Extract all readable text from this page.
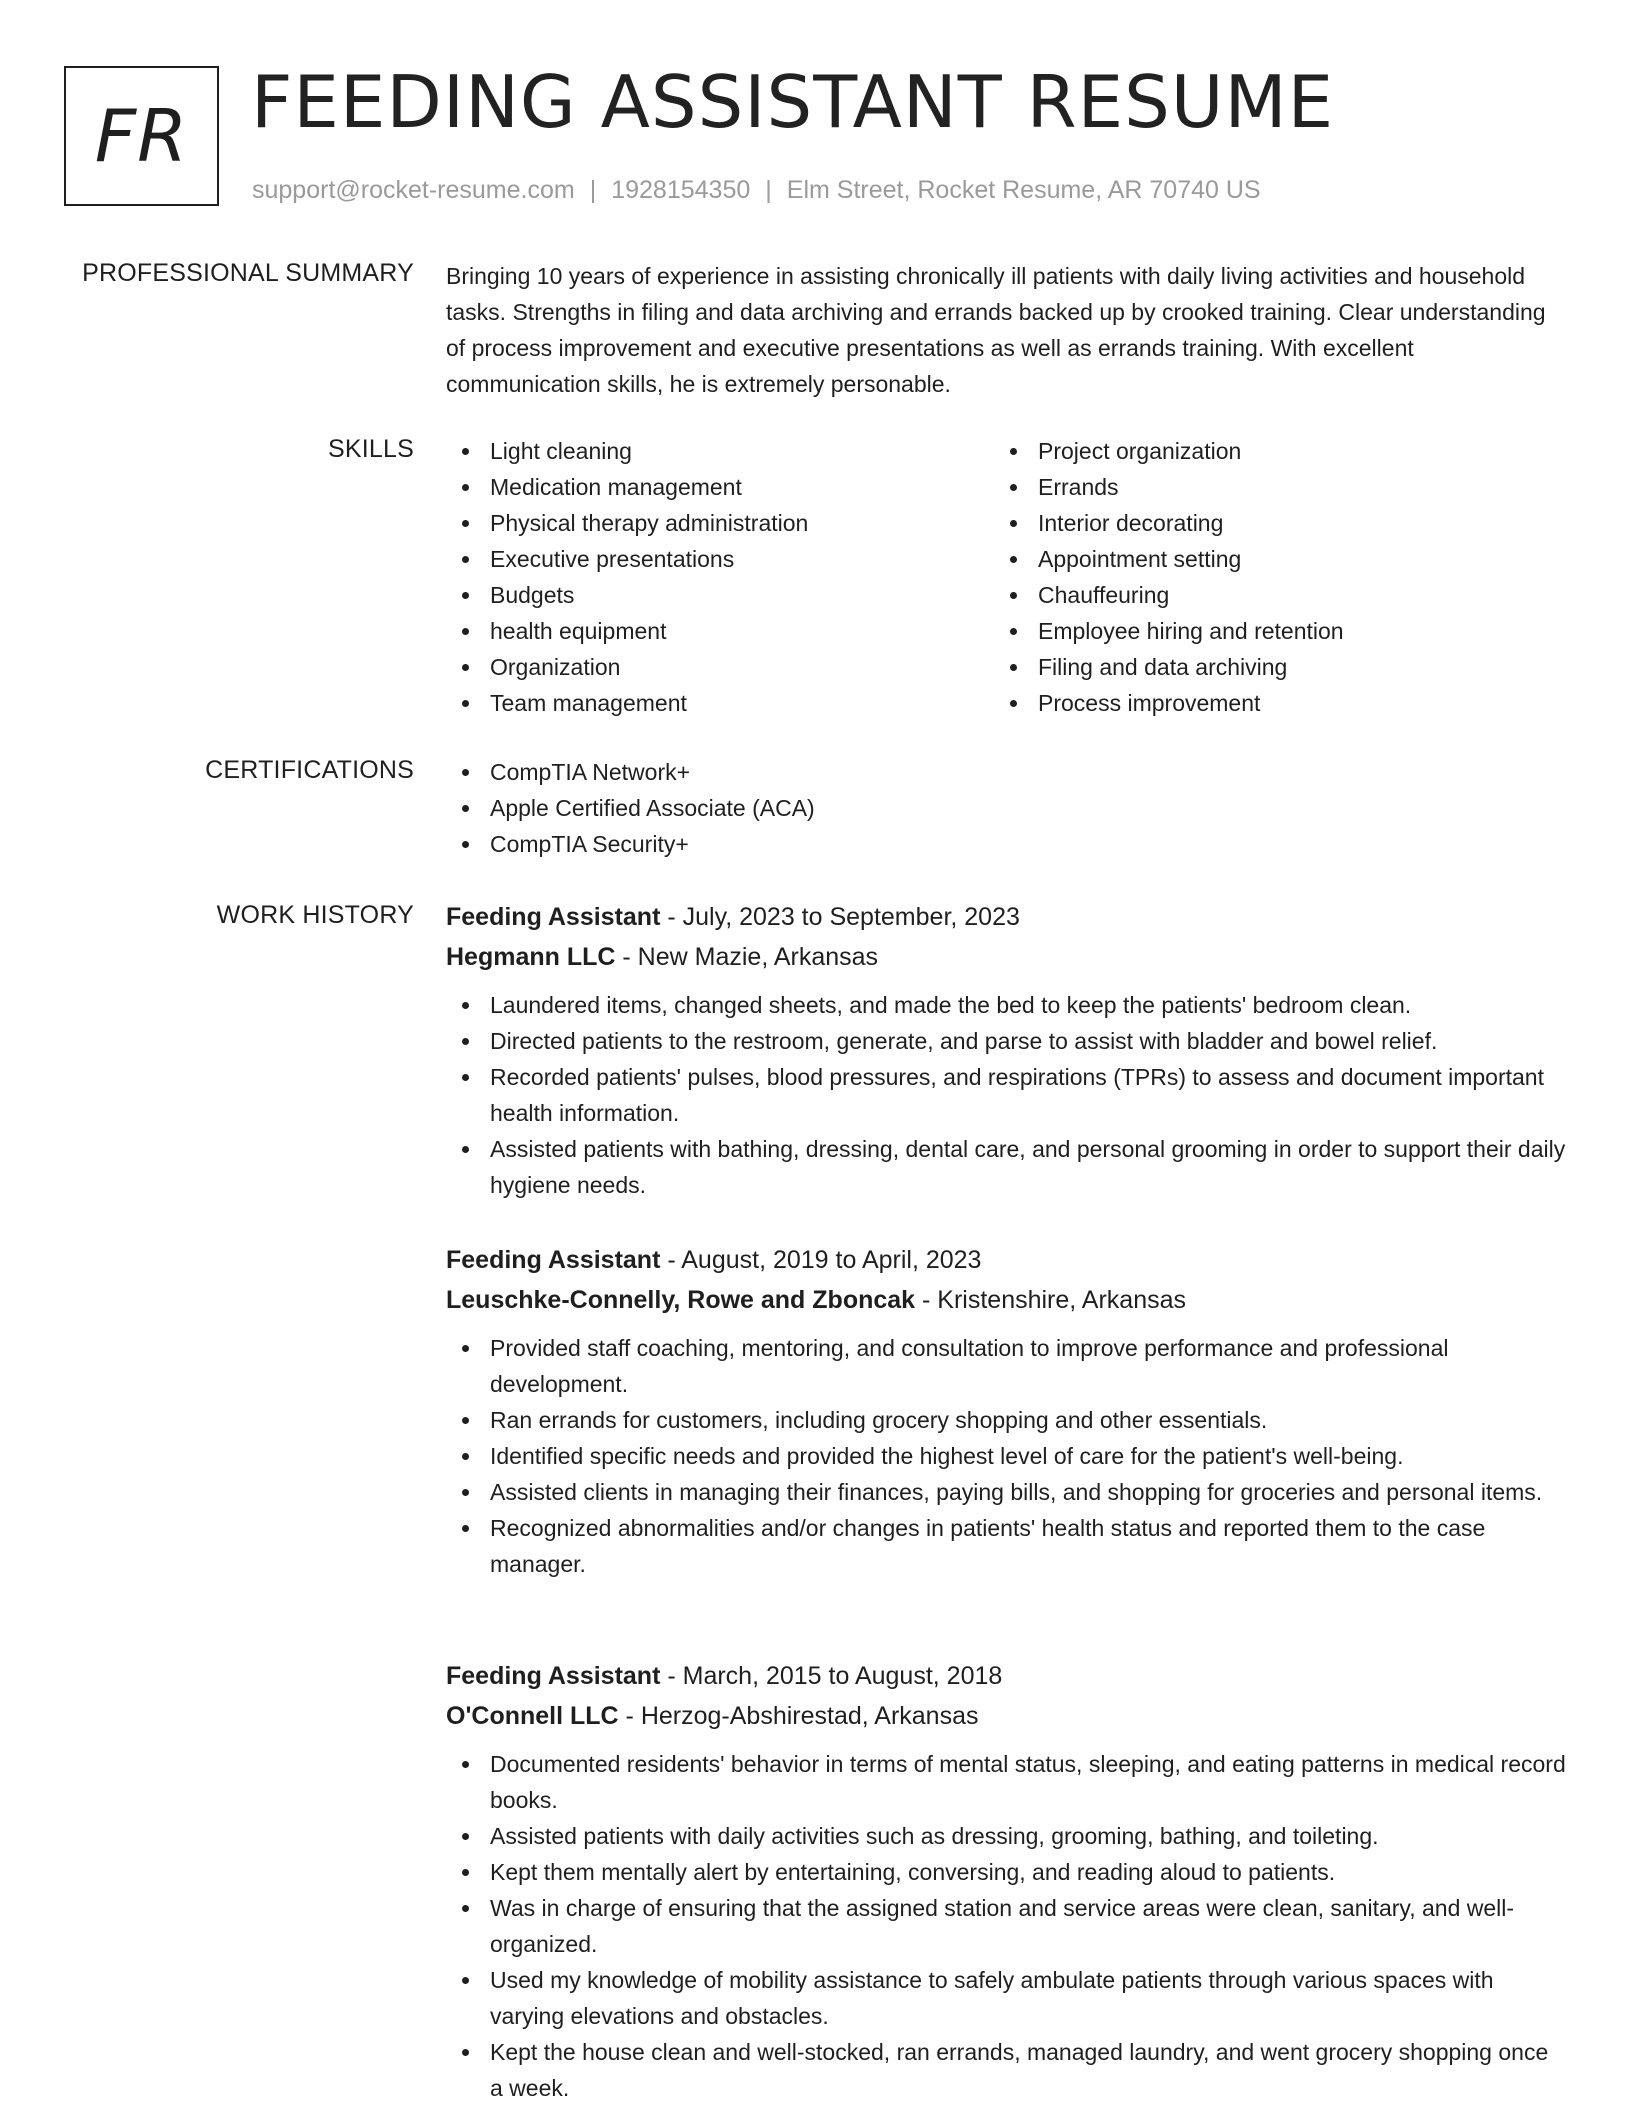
FR FEEDING ASSISTANT RESUME
support@rocket-resume.com | 1928154350 | Elm Street, Rocket Resume, AR 70740 US
PROFESSIONAL SUMMARY Bringing 10 years of experience in assisting chronically ill patients with daily living activities and household tasks. Strengths in filing and data archiving and errands backed up by crooked training. Clear understanding of process improvement and executive presentations as well as errands training. With excellent communication skills, he is extremely personable.

SKILLS	Light cleaning
Medication management
Physical therapy administration
Executive presentations
Budgets
health equipment
Organization
Team management
Project organization
Errands
Interior decorating
Appointment setting
Chauffeuring
Employee hiring and retention
Filing and data archiving
Process improvement
CERTIFICATIONS	CompTIA Network+
Apple Certified Associate (ACA)
CompTIA Security+
WORK HISTORY Feeding Assistant - July, 2023 to September, 2023

Hegmann LLC - New Mazie, Arkansas

Laundered items, changed sheets, and made the bed to keep the patients' bedroom clean.
Directed patients to the restroom, generate, and parse to assist with bladder and bowel relief.
Recorded patients' pulses, blood pressures, and respirations (TPRs) to assess and document important health information.
Assisted patients with bathing, dressing, dental care, and personal grooming in order to support their daily hygiene needs.

Feeding Assistant - August, 2019 to April, 2023

Leuschke-Connelly, Rowe and Zboncak - Kristenshire, Arkansas

Provided staff coaching, mentoring, and consultation to improve performance and professional development.
Ran errands for customers, including grocery shopping and other essentials.
Identified specific needs and provided the highest level of care for the patient's well-being.
Assisted clients in managing their finances, paying bills, and shopping for groceries and personal items.
Recognized abnormalities and/or changes in patients' health status and reported them to the case manager.

Feeding Assistant - March, 2015 to August, 2018

O'Connell LLC - Herzog-Abshirestad, Arkansas

Documented residents' behavior in terms of mental status, sleeping, and eating patterns in medical record books.
Assisted patients with daily activities such as dressing, grooming, bathing, and toileting.
Kept them mentally alert by entertaining, conversing, and reading aloud to patients.
Was in charge of ensuring that the assigned station and service areas were clean, sanitary, and well-organized.
Used my knowledge of mobility assistance to safely ambulate patients through various spaces with varying elevations and obstacles.
Kept the house clean and well-stocked, ran errands, managed laundry, and went grocery shopping once a week.
